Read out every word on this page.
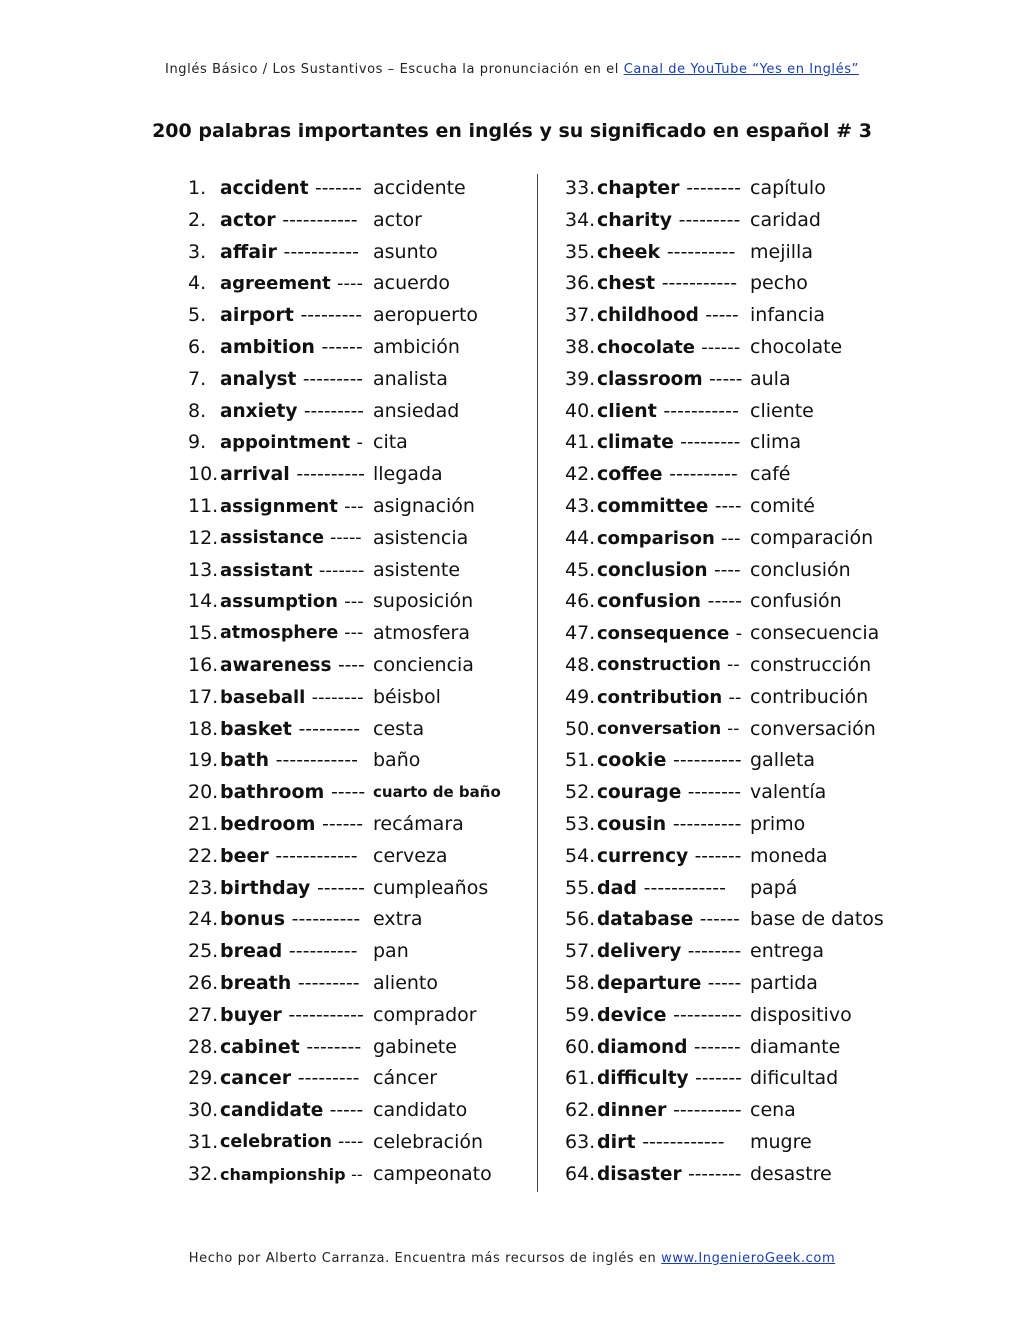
Inglés Básico / Los Sustantivos – Escucha la pronunciación en el Canal de YouTube “Yes en Inglés”
200 palabras importantes en inglés y su significado en español # 3
1. accident ------- accidente
2. actor ----------- actor
3. affair ----------- asunto
4. agreement ---- acuerdo
5. airport --------- aeropuerto
6. ambition ------ ambición
7. analyst --------- analista
8. anxiety --------- ansiedad
9. appointment - cita
10. arrival ---------- llegada
11. assignment --- asignación
12. assistance ----- asistencia
13. assistant ------- asistente
14. assumption --- suposición
15. atmosphere --- atmosfera
16. awareness ---- conciencia
17. baseball -------- béisbol
18. basket --------- cesta
19. bath ------------ baño
20. bathroom ----- cuarto de baño
21. bedroom ------ recámara
22. beer ------------ cerveza
23. birthday ------- cumpleaños
24. bonus ---------- extra
25. bread ---------- pan
26. breath --------- aliento
27. buyer ----------- comprador
28. cabinet -------- gabinete
29. cancer --------- cáncer
30. candidate ----- candidato
31. celebration ---- celebración
32. championship -- campeonato
33. chapter -------- capítulo
34. charity --------- caridad
35. cheek ---------- mejilla
36. chest ----------- pecho
37. childhood ----- infancia
38. chocolate ------ chocolate
39. classroom ----- aula
40. client ----------- cliente
41. climate --------- clima
42. coffee ---------- café
43. committee ---- comité
44. comparison --- comparación
45. conclusion ---- conclusión
46. confusion ----- confusión
47. consequence - consecuencia
48. construction -- construcción
49. contribution -- contribución
50. conversation -- conversación
51. cookie ---------- galleta
52. courage -------- valentía
53. cousin ---------- primo
54. currency ------- moneda
55. dad ------------ papá
56. database ------ base de datos
57. delivery -------- entrega
58. departure ----- partida
59. device ---------- dispositivo
60. diamond ------- diamante
61. difficulty ------- dificultad
62. dinner ---------- cena
63. dirt ------------ mugre
64. disaster -------- desastre
Hecho por Alberto Carranza. Encuentra más recursos de inglés en www.IngenieroGeek.com
